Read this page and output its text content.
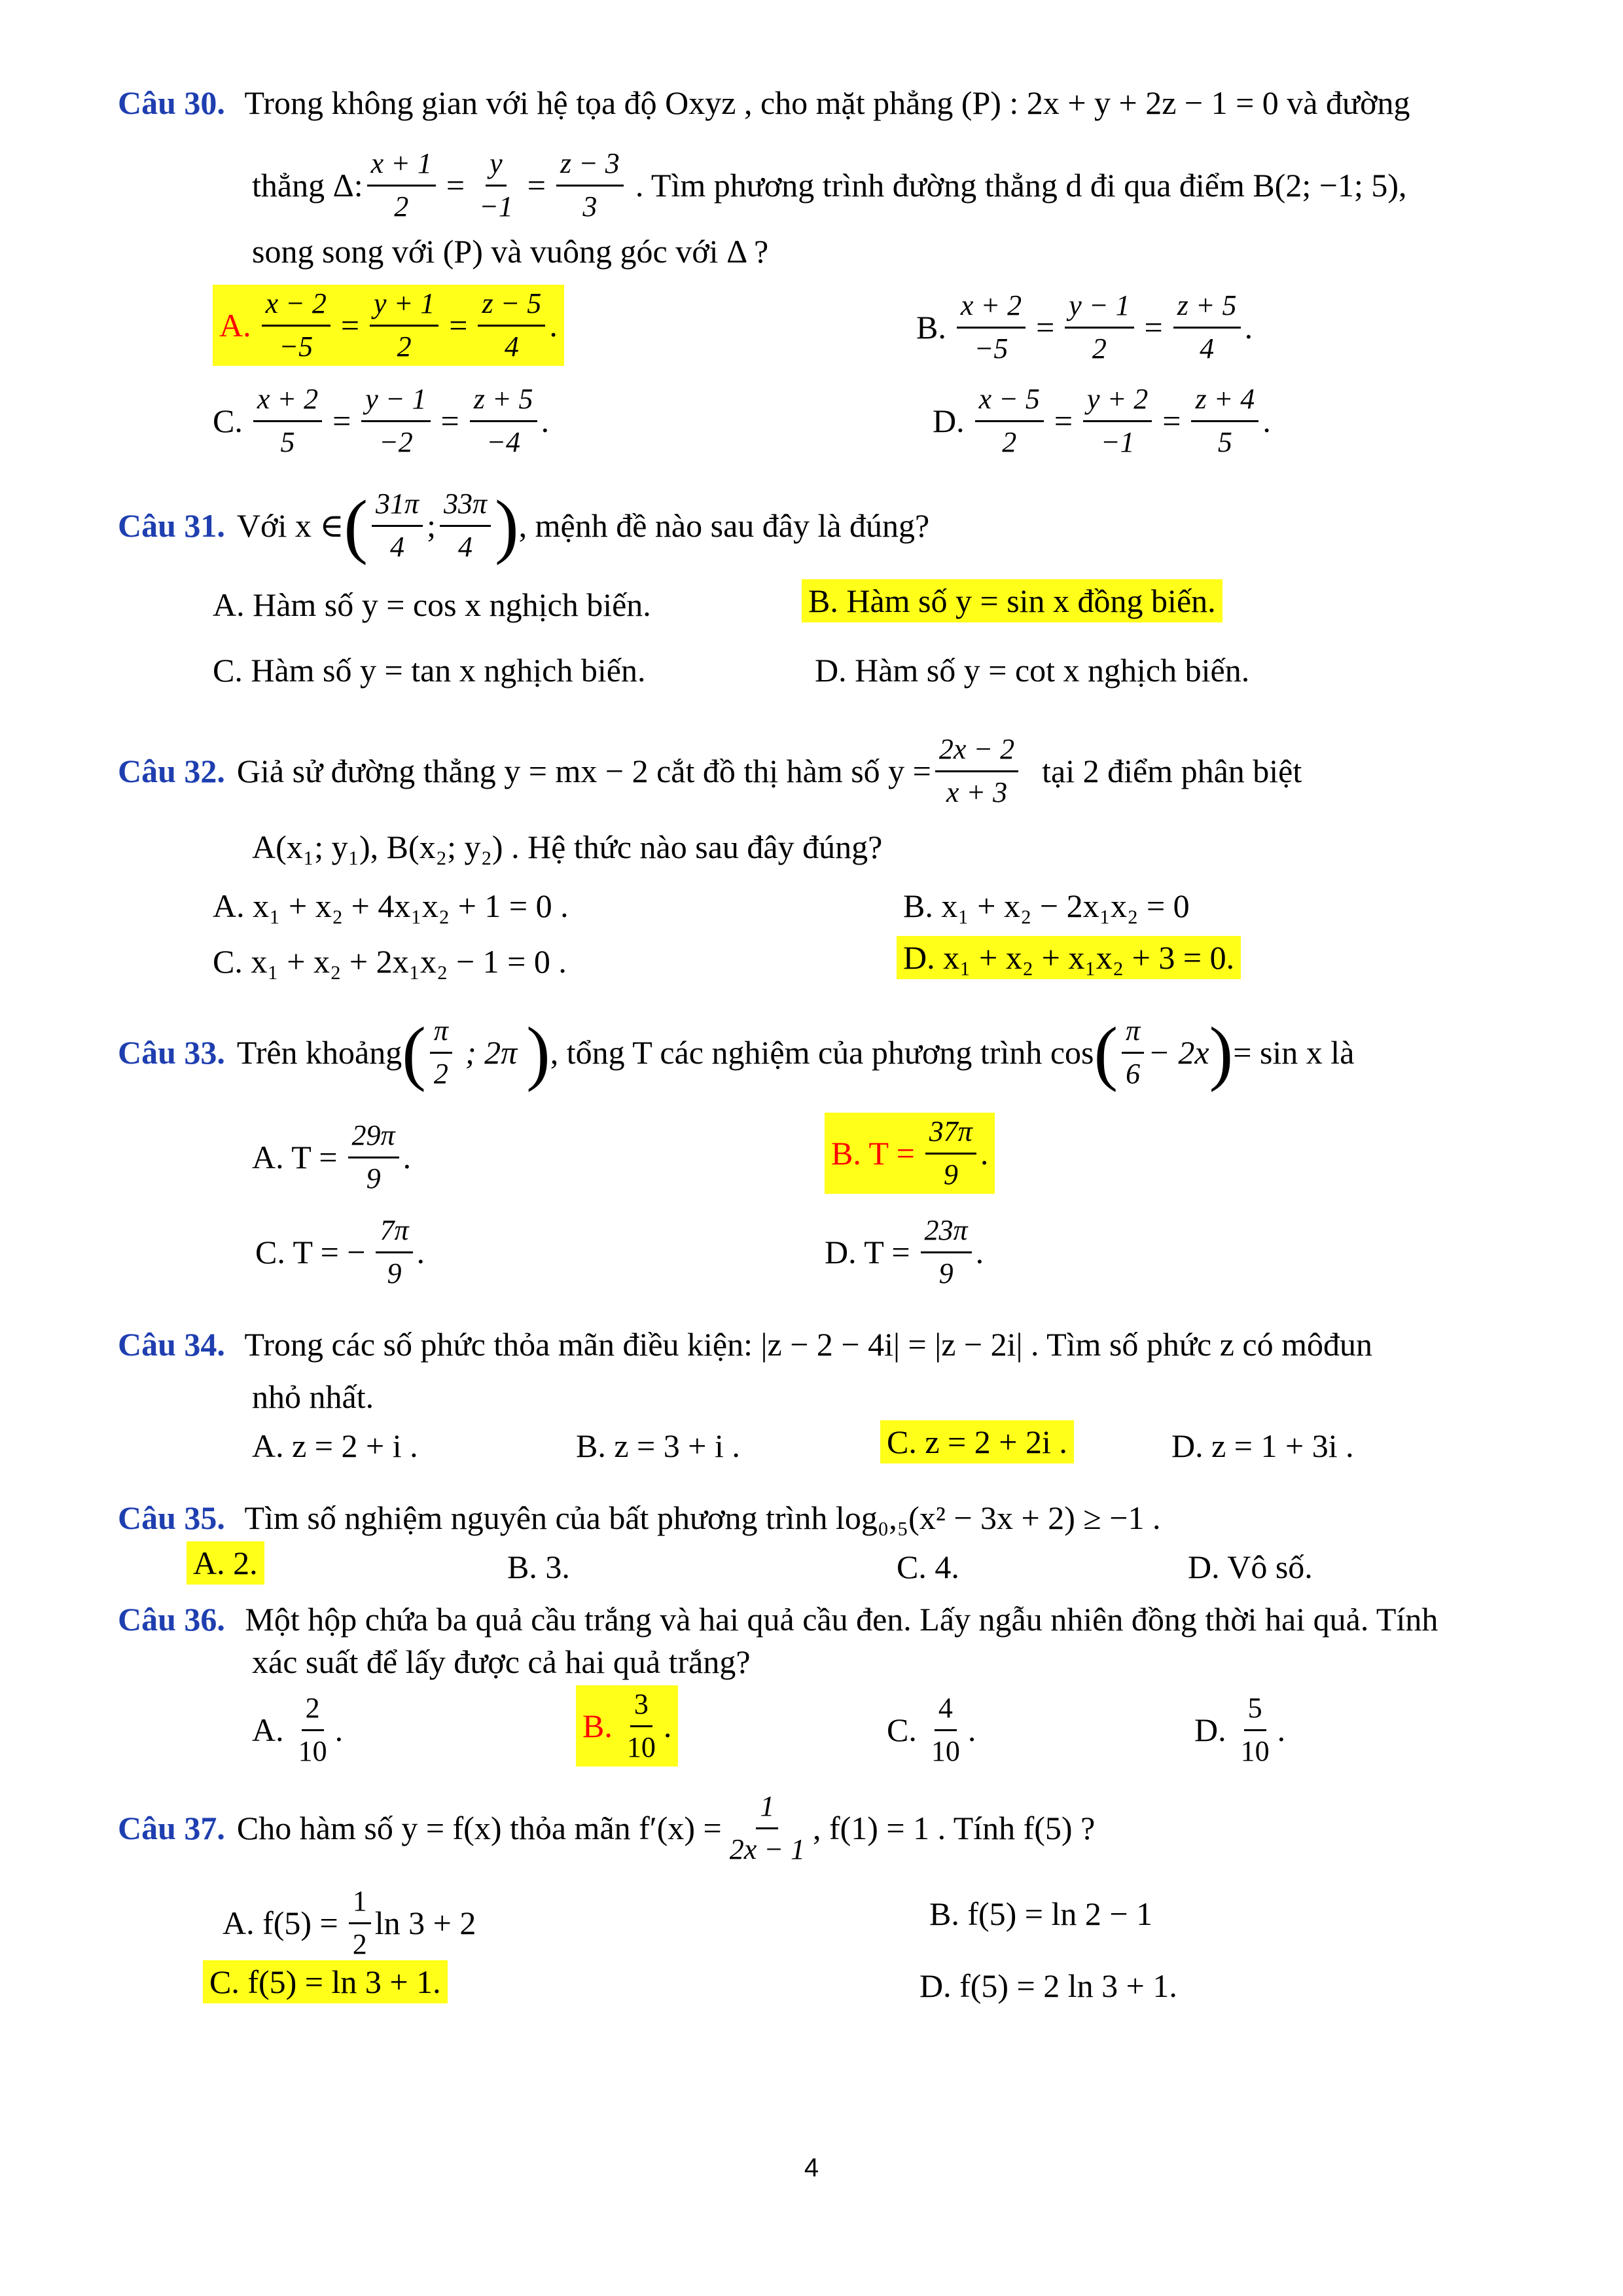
Câu 30. Trong không gian với hệ tọa độ Oxyz , cho mặt phẳng (P) : 2x + y + 2z − 1 = 0 và đường
thẳng Δ: $\frac{x + 1}{2} = \frac{y}{-1} = \frac{z - 3}{3}$ . Tìm phương trình đường thẳng d đi qua điểm B(2; −1; 5),
song song với (P) và vuông góc với Δ ?
A. $\frac{x - 2}{-5} = \frac{y + 1}{2} = \frac{z - 5}{4}$ .	B. $\frac{x + 2}{-5} = \frac{y - 1}{2} = \frac{z + 5}{4}$ .
C. $\frac{x + 2}{5} = \frac{y - 1}{-2} = \frac{z + 5}{-4}$ .	D. $\frac{x - 5}{2} = \frac{y + 2}{-1} = \frac{z + 4}{5}$ .
Câu 31. Với x ∈ ( $\frac{31\pi}{4}$ ; $\frac{33\pi}{4}$ ) , mệnh đề nào sau đây là đúng?
A. Hàm số y = cos x nghịch biến.	B. Hàm số y = sin x đồng biến.
C. Hàm số y = tan x nghịch biến.	D. Hàm số y = cot x nghịch biến.
Câu 32. Giả sử đường thẳng y = mx − 2 cắt đồ thị hàm số $y = \frac{2x - 2}{x + 3}$ tại 2 điểm phân biệt
A(x₁; y₁), B(x₂; y₂) . Hệ thức nào sau đây đúng?
A. x₁ + x₂ + 4x₁x₂ + 1 = 0 .	B. x₁ + x₂ − 2x₁x₂ = 0
C. x₁ + x₂ + 2x₁x₂ − 1 = 0 .	D. x₁ + x₂ + x₁x₂ + 3 = 0.
Câu 33. Trên khoảng ( $\frac{\pi}{2}$ ; 2π ) , tổng T các nghiệm của phương trình cos ( $\frac{\pi}{6} - 2x$ ) = sin x là
A. $T = \frac{29\pi}{9}$ .	B. $T = \frac{37\pi}{9}$ .
C. T = − $\frac{7\pi}{9}$ .	D. $T = \frac{23\pi}{9}$ .
Câu 34. Trong các số phức thỏa mãn điều kiện: |z − 2 − 4i| = |z − 2i| . Tìm số phức z có môđun
nhỏ nhất.
A. z = 2 + i .	B. z = 3 + i .	C. z = 2 + 2i .	D. z = 1 + 3i .
Câu 35. Tìm số nghiệm nguyên của bất phương trình log₀,₅(x² − 3x + 2) ≥ −1 .
A. 2.	B. 3.	C. 4.	D. Vô số.
Câu 36. Một hộp chứa ba quả cầu trắng và hai quả cầu đen. Lấy ngẫu nhiên đồng thời hai quả. Tính
xác suất để lấy được cả hai quả trắng?
A. $\frac{2}{10}$ .	B. $\frac{3}{10}$ .	C. $\frac{4}{10}$ .	D. $\frac{5}{10}$ .
Câu 37. Cho hàm số y = f(x) thỏa mãn $f'(x) = \frac{1}{2x - 1}$ , f(1) = 1 . Tính f(5) ?
A. $f(5) = \frac{1}{2}$ ln 3 + 2	B. f(5) = ln 2 − 1
C. f(5) = ln 3 + 1.	D. f(5) = 2 ln 3 + 1.
4
